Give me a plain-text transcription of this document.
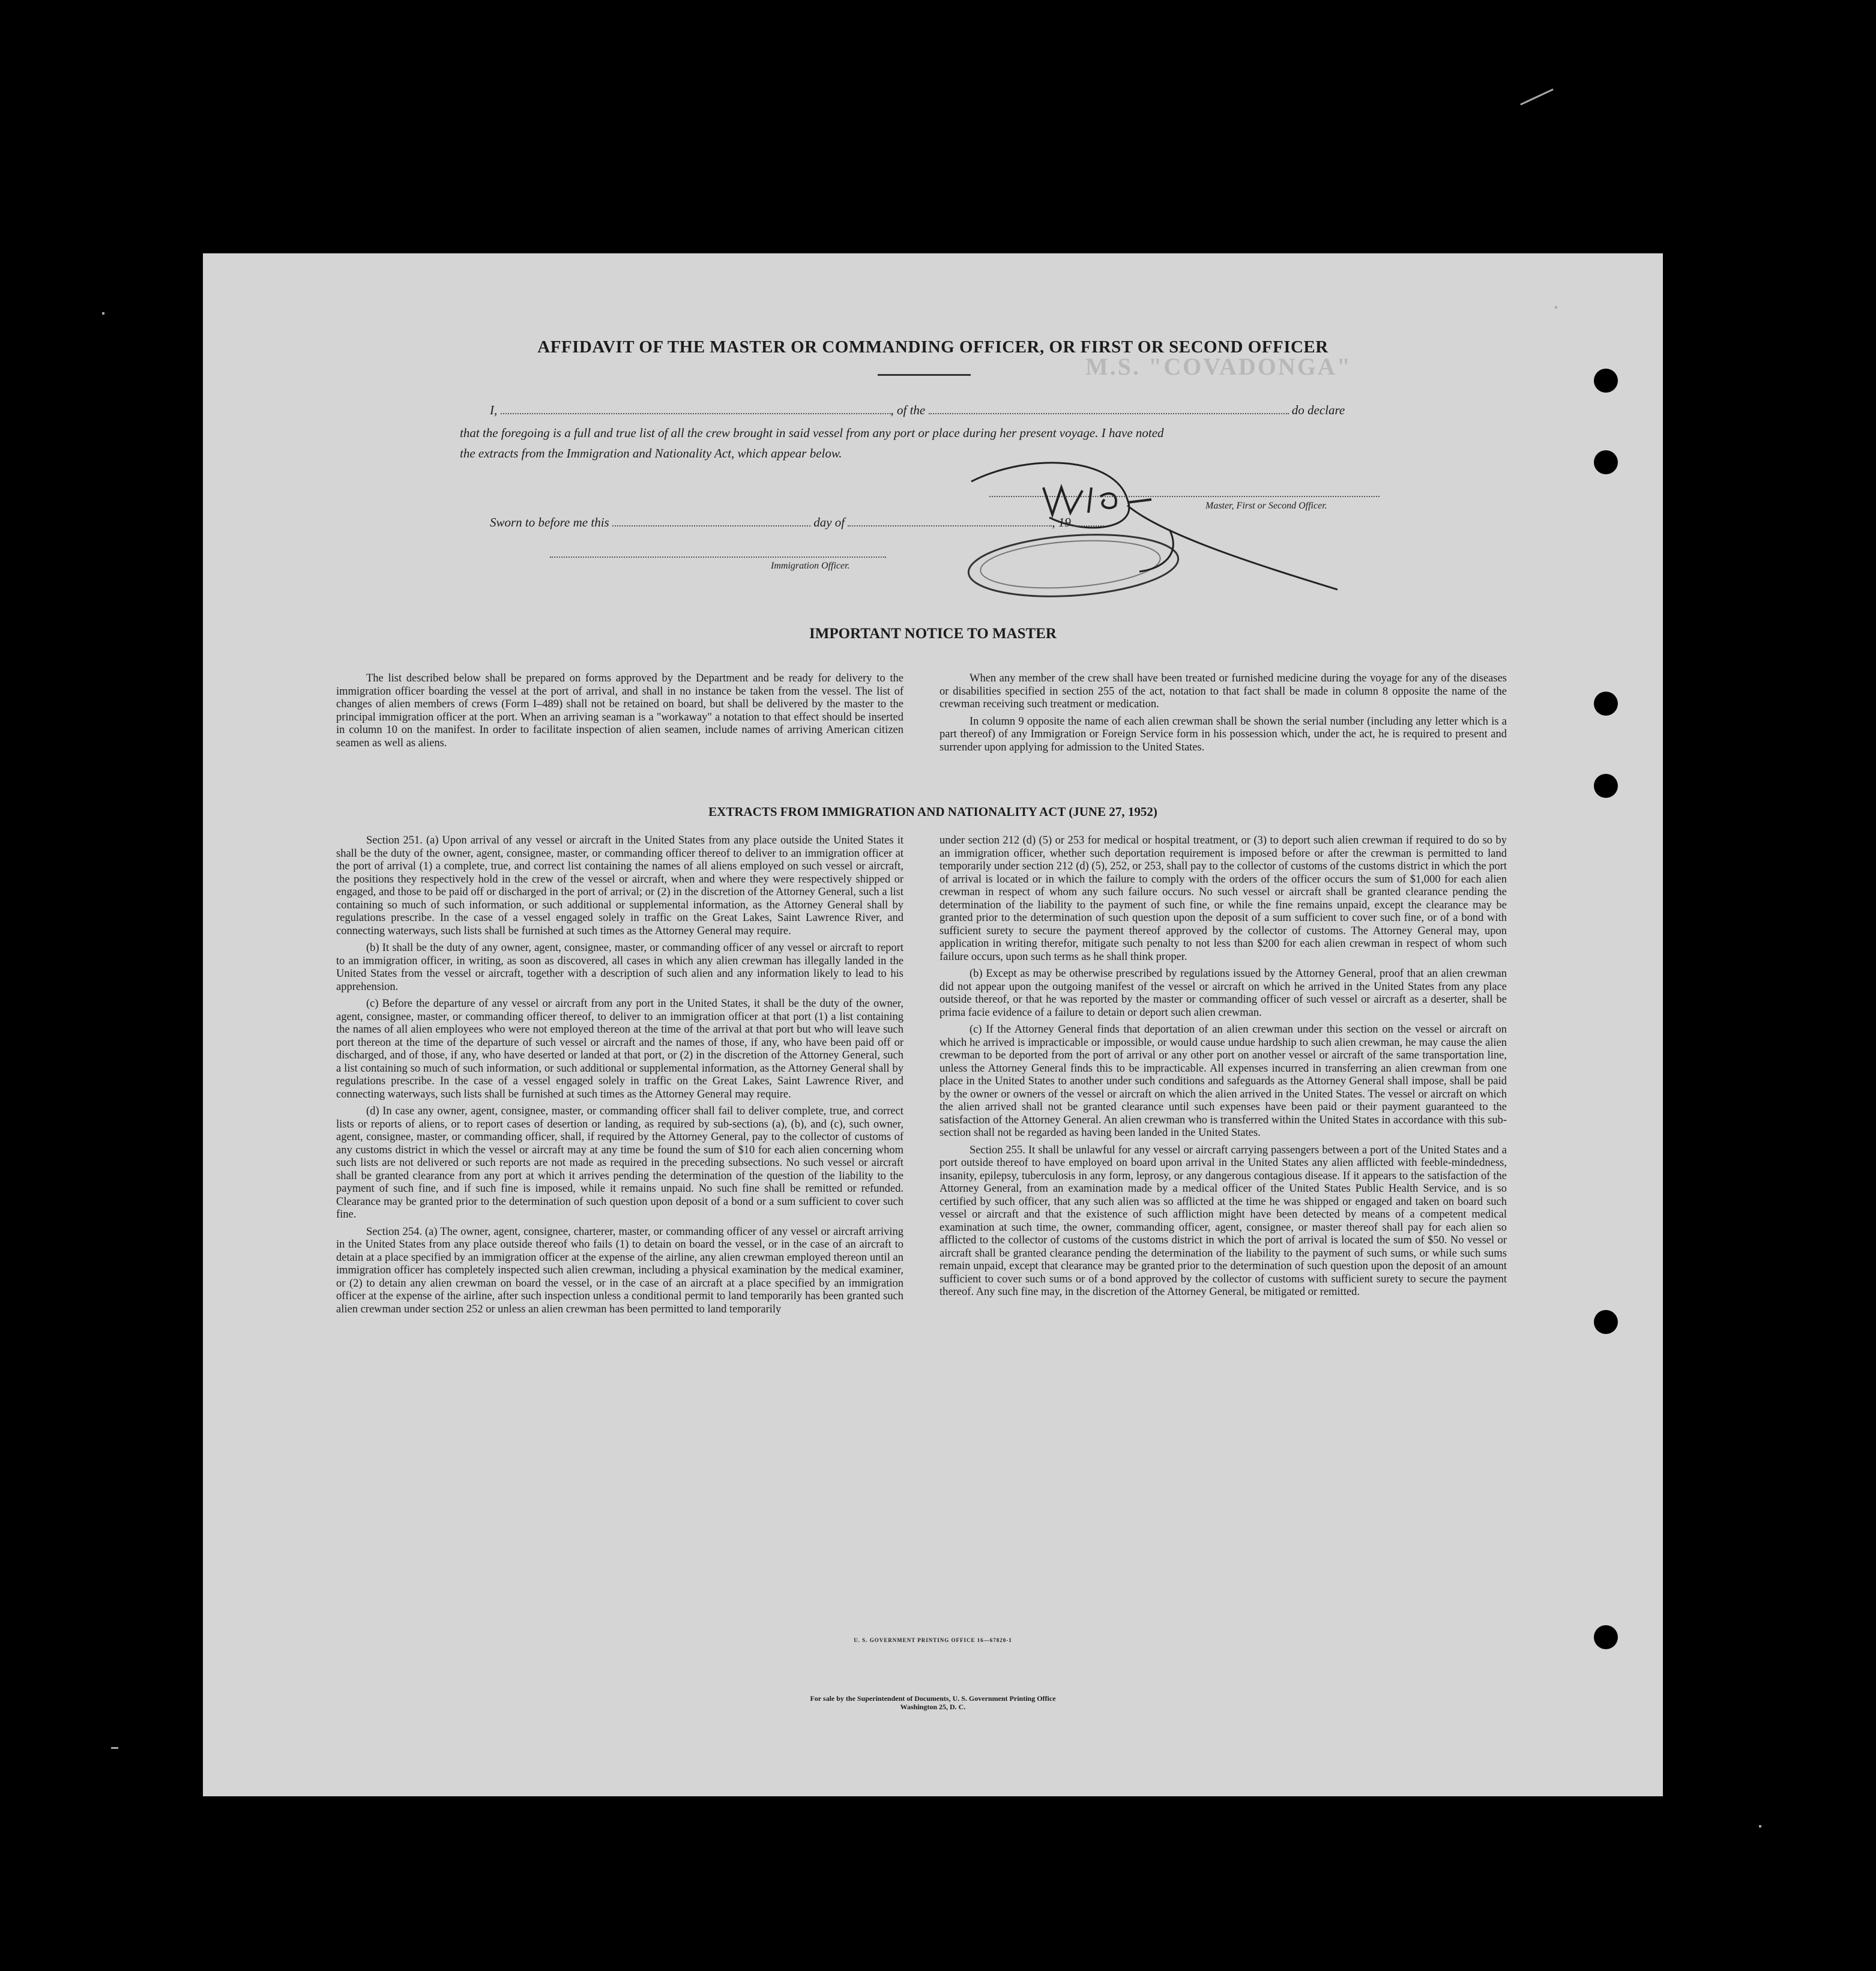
AFFIDAVIT OF THE MASTER OR COMMANDING OFFICER, OR FIRST OR SECOND OFFICER
M.S. "COVADONGA"
I,	, of the	do declare
that the foregoing is a full and true list of all the crew brought in said vessel from any port or place during her present voyage. I have noted
the extracts from the Immigration and Nationality Act, which appear below.
Master, First or Second Officer.
Sworn to before me this	day of	, 19
Immigration Officer.
IMPORTANT NOTICE TO MASTER

The list described below shall be prepared on forms approved by the Department and be ready for delivery to the immigration officer boarding the vessel at the port of arrival, and shall in no instance be taken from the vessel. The list of changes of alien members of crews (Form I–489) shall not be retained on board, but shall be delivered by the master to the principal immigration officer at the port. When an arriving seaman is a "workaway" a notation to that effect should be inserted in column 10 on the manifest. In order to facilitate inspection of alien seamen, include names of arriving American citizen seamen as well as aliens.

When any member of the crew shall have been treated or furnished medicine during the voyage for any of the diseases or disabilities specified in section 255 of the act, notation to that fact shall be made in column 8 opposite the name of the crewman receiving such treatment or medication.

In column 9 opposite the name of each alien crewman shall be shown the serial number (including any letter which is a part thereof) of any Immigration or Foreign Service form in his possession which, under the act, he is required to present and surrender upon applying for admission to the United States.

EXTRACTS FROM IMMIGRATION AND NATIONALITY ACT (JUNE 27, 1952)

Section 251. (a) Upon arrival of any vessel or aircraft in the United States from any place outside the United States it shall be the duty of the owner, agent, consignee, master, or commanding officer thereof to deliver to an immigration officer at the port of arrival (1) a complete, true, and correct list containing the names of all aliens employed on such vessel or aircraft, the positions they respectively hold in the crew of the vessel or aircraft, when and where they were respectively shipped or engaged, and those to be paid off or discharged in the port of arrival; or (2) in the discretion of the Attorney General, such a list containing so much of such information, or such additional or supplemental information, as the Attorney General shall by regulations prescribe. In the case of a vessel engaged solely in traffic on the Great Lakes, Saint Lawrence River, and connecting waterways, such lists shall be furnished at such times as the Attorney General may require.

(b) It shall be the duty of any owner, agent, consignee, master, or commanding officer of any vessel or aircraft to report to an immigration officer, in writing, as soon as discovered, all cases in which any alien crewman has illegally landed in the United States from the vessel or aircraft, together with a description of such alien and any information likely to lead to his apprehension.

(c) Before the departure of any vessel or aircraft from any port in the United States, it shall be the duty of the owner, agent, consignee, master, or commanding officer thereof, to deliver to an immigration officer at that port (1) a list containing the names of all alien employees who were not employed thereon at the time of the arrival at that port but who will leave such port thereon at the time of the departure of such vessel or aircraft and the names of those, if any, who have been paid off or discharged, and of those, if any, who have deserted or landed at that port, or (2) in the discretion of the Attorney General, such a list containing so much of such information, or such additional or supplemental information, as the Attorney General shall by regulations prescribe. In the case of a vessel engaged solely in traffic on the Great Lakes, Saint Lawrence River, and connecting waterways, such lists shall be furnished at such times as the Attorney General may require.

(d) In case any owner, agent, consignee, master, or commanding officer shall fail to deliver complete, true, and correct lists or reports of aliens, or to report cases of desertion or landing, as required by sub-sections (a), (b), and (c), such owner, agent, consignee, master, or commanding officer, shall, if required by the Attorney General, pay to the collector of customs of any customs district in which the vessel or aircraft may at any time be found the sum of $10 for each alien concerning whom such lists are not delivered or such reports are not made as required in the preceding subsections. No such vessel or aircraft shall be granted clearance from any port at which it arrives pending the determination of the question of the liability to the payment of such fine, and if such fine is imposed, while it remains unpaid. No such fine shall be remitted or refunded. Clearance may be granted prior to the determination of such question upon deposit of a bond or a sum sufficient to cover such fine.

Section 254. (a) The owner, agent, consignee, charterer, master, or commanding officer of any vessel or aircraft arriving in the United States from any place outside thereof who fails (1) to detain on board the vessel, or in the case of an aircraft to detain at a place specified by an immigration officer at the expense of the airline, any alien crewman employed thereon until an immigration officer has completely inspected such alien crewman, including a physical examination by the medical examiner, or (2) to detain any alien crewman on board the vessel, or in the case of an aircraft at a place specified by an immigration officer at the expense of the airline, after such inspection unless a conditional permit to land temporarily has been granted such alien crewman under section 252 or unless an alien crewman has been permitted to land temporarily

under section 212 (d) (5) or 253 for medical or hospital treatment, or (3) to deport such alien crewman if required to do so by an immigration officer, whether such deportation requirement is imposed before or after the crewman is permitted to land temporarily under section 212 (d) (5), 252, or 253, shall pay to the collector of customs of the customs district in which the port of arrival is located or in which the failure to comply with the orders of the officer occurs the sum of $1,000 for each alien crewman in respect of whom any such failure occurs. No such vessel or aircraft shall be granted clearance pending the determination of the liability to the payment of such fine, or while the fine remains unpaid, except the clearance may be granted prior to the determination of such question upon the deposit of a sum sufficient to cover such fine, or of a bond with sufficient surety to secure the payment thereof approved by the collector of customs. The Attorney General may, upon application in writing therefor, mitigate such penalty to not less than $200 for each alien crewman in respect of whom such failure occurs, upon such terms as he shall think proper.

(b) Except as may be otherwise prescribed by regulations issued by the Attorney General, proof that an alien crewman did not appear upon the outgoing manifest of the vessel or aircraft on which he arrived in the United States from any place outside thereof, or that he was reported by the master or commanding officer of such vessel or aircraft as a deserter, shall be prima facie evidence of a failure to detain or deport such alien crewman.

(c) If the Attorney General finds that deportation of an alien crewman under this section on the vessel or aircraft on which he arrived is impracticable or impossible, or would cause undue hardship to such alien crewman, he may cause the alien crewman to be deported from the port of arrival or any other port on another vessel or aircraft of the same transportation line, unless the Attorney General finds this to be impracticable. All expenses incurred in transferring an alien crewman from one place in the United States to another under such conditions and safeguards as the Attorney General shall impose, shall be paid by the owner or owners of the vessel or aircraft on which the alien arrived in the United States. The vessel or aircraft on which the alien arrived shall not be granted clearance until such expenses have been paid or their payment guaranteed to the satisfaction of the Attorney General. An alien crewman who is transferred within the United States in accordance with this sub-section shall not be regarded as having been landed in the United States.

Section 255. It shall be unlawful for any vessel or aircraft carrying passengers between a port of the United States and a port outside thereof to have employed on board upon arrival in the United States any alien afflicted with feeble-mindedness, insanity, epilepsy, tuberculosis in any form, leprosy, or any dangerous contagious disease. If it appears to the satisfaction of the Attorney General, from an examination made by a medical officer of the United States Public Health Service, and is so certified by such officer, that any such alien was so afflicted at the time he was shipped or engaged and taken on board such vessel or aircraft and that the existence of such affliction might have been detected by means of a competent medical examination at such time, the owner, commanding officer, agent, consignee, or master thereof shall pay for each alien so afflicted to the collector of customs of the customs district in which the port of arrival is located the sum of $50. No vessel or aircraft shall be granted clearance pending the determination of the liability to the payment of such sums, or while such sums remain unpaid, except that clearance may be granted prior to the determination of such question upon the deposit of an amount sufficient to cover such sums or of a bond approved by the collector of customs with sufficient surety to secure the payment thereof. Any such fine may, in the discretion of the Attorney General, be mitigated or remitted.

U. S. GOVERNMENT PRINTING OFFICE 16—67820-1
For sale by the Superintendent of Documents, U. S. Government Printing Office
Washington 25, D. C.
